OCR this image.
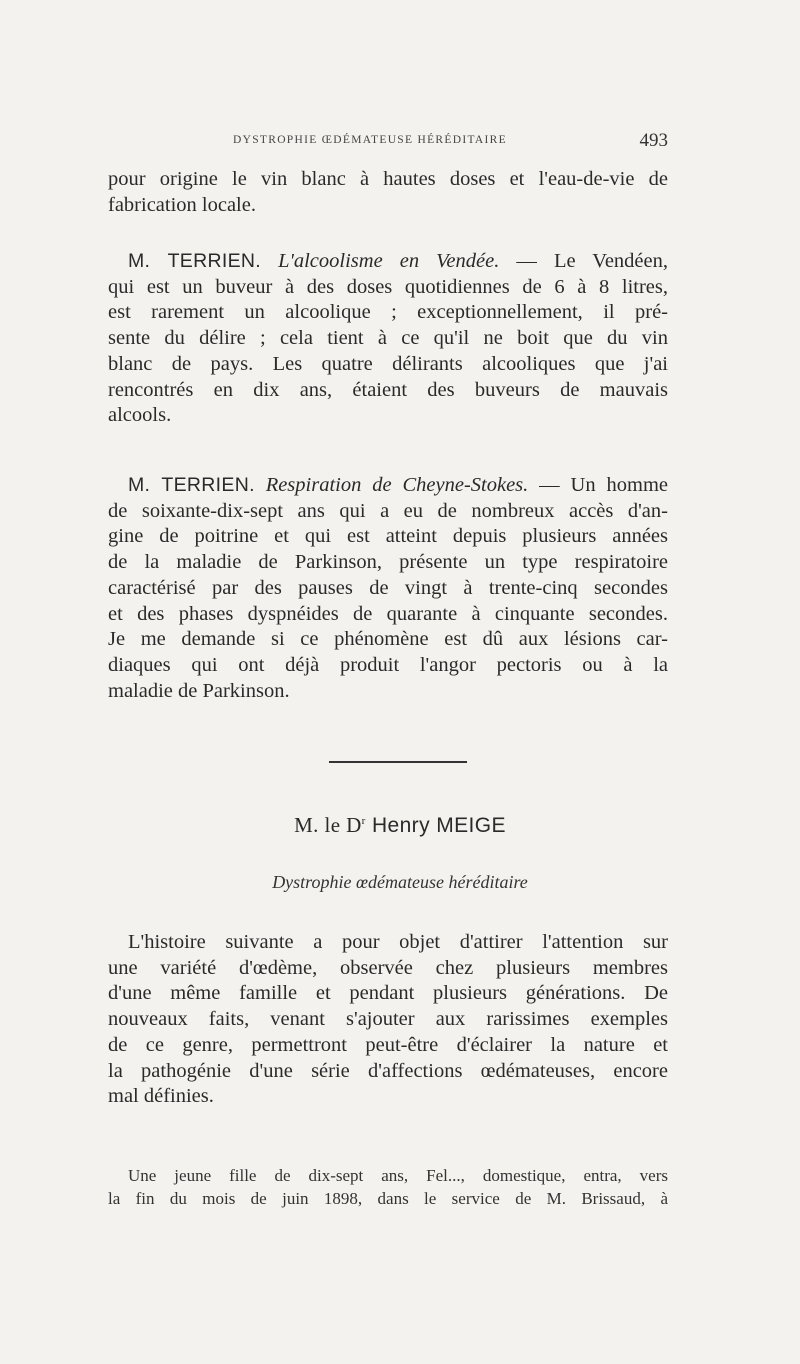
DYSTROPHIE ŒDÉMATEUSE HÉRÉDITAIRE	493

pour origine le vin blanc à hautes doses et l'eau-de-vie de
fabrication locale.

M. TERRIEN. L'alcoolisme en Vendée. — Le Vendéen,
qui est un buveur à des doses quotidiennes de 6 à 8 litres,
est rarement un alcoolique ; exceptionnellement, il pré-
sente du délire ; cela tient à ce qu'il ne boit que du vin
blanc de pays. Les quatre délirants alcooliques que j'ai
rencontrés en dix ans, étaient des buveurs de mauvais
alcools.

M. TERRIEN. Respiration de Cheyne-Stokes. — Un homme
de soixante-dix-sept ans qui a eu de nombreux accès d'an-
gine de poitrine et qui est atteint depuis plusieurs années
de la maladie de Parkinson, présente un type respiratoire
caractérisé par des pauses de vingt à trente-cinq secondes
et des phases dyspnéides de quarante à cinquante secondes.
Je me demande si ce phénomène est dû aux lésions car-
diaques qui ont déjà produit l'angor pectoris ou à la
maladie de Parkinson.

M. le $D^r$ Henry MEIGE
Dystrophie œdémateuse héréditaire

L'histoire suivante a pour objet d'attirer l'attention sur
une variété d'œdème, observée chez plusieurs membres
d'une même famille et pendant plusieurs générations. De
nouveaux faits, venant s'ajouter aux rarissimes exemples
de ce genre, permettront peut-être d'éclairer la nature et
la pathogénie d'une série d'affections œdémateuses, encore
mal définies.

Une jeune fille de dix-sept ans, Fel..., domestique, entra, vers
la fin du mois de juin 1898, dans le service de M. Brissaud, à
